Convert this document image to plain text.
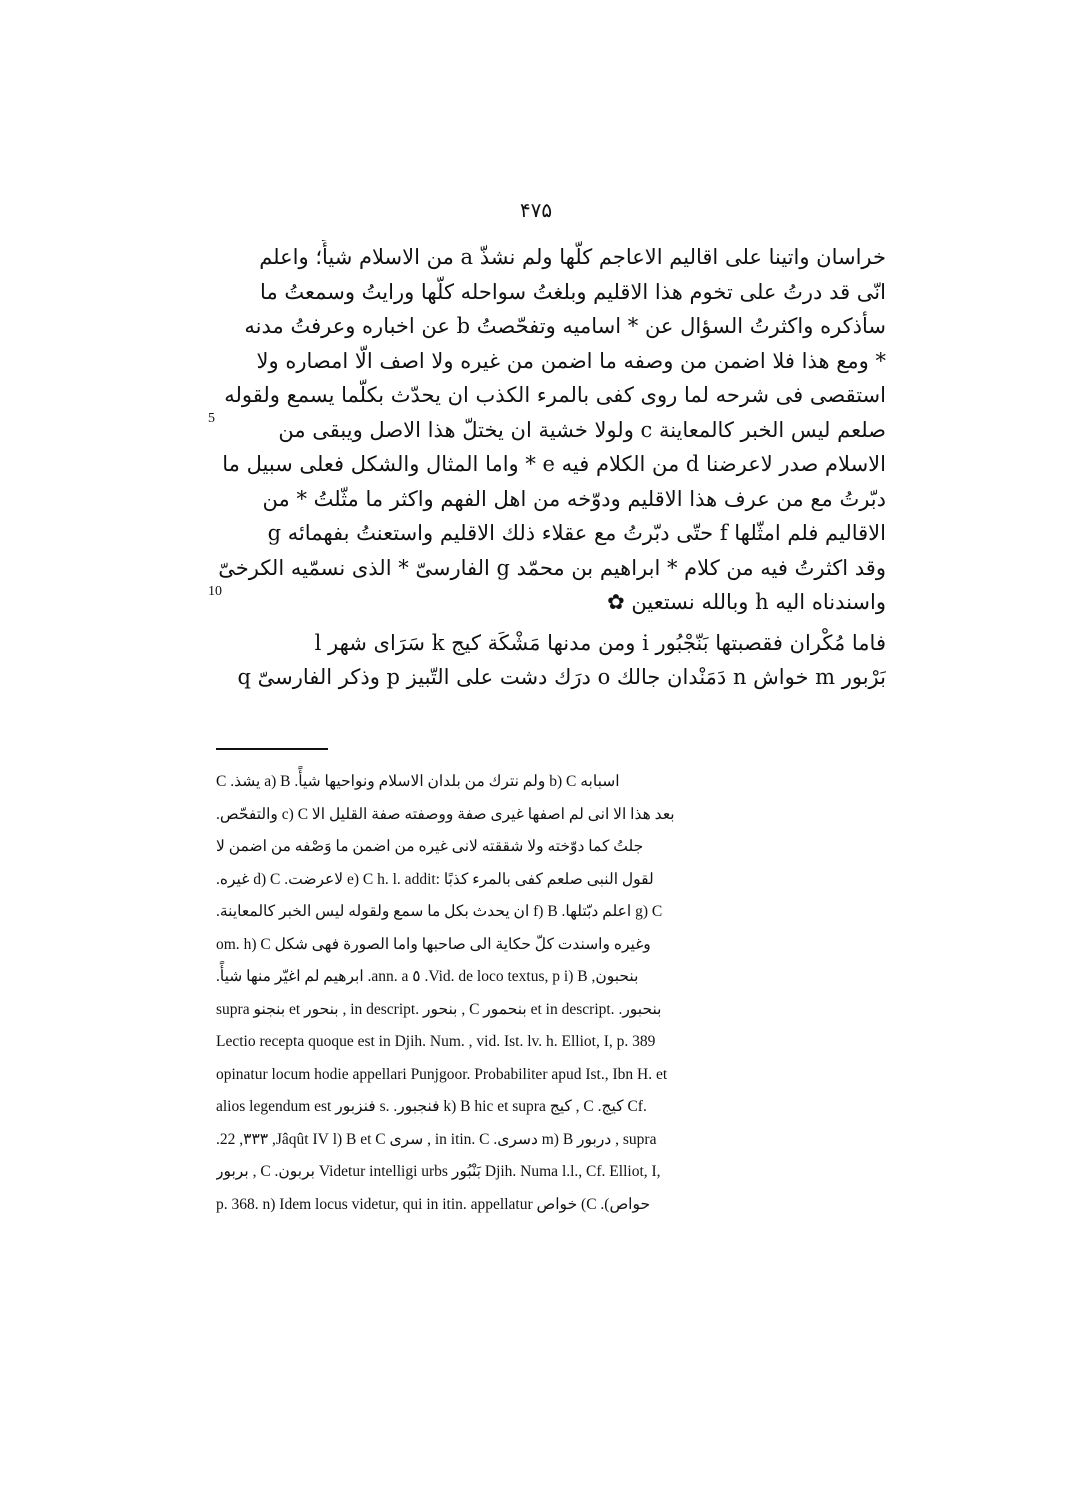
۴۷۵
خراسان واتينا على اقاليم الاعاجم كلّها ولم نشذّ a من الاسلام شيأً؛ واعلم
انّى قد درتُ على تخوم هذا الاقليم وبلغتُ سواحله كلّها ورايتُ وسمعتُ ما
سأذكره واكثرتُ السؤال عن * اساميه وتفحّصتُ b عن اخباره وعرفتُ مدنه
* ومع هذا فلا اضمن من وصفه ما اضمن من غيره ولا اصف الّا امصاره ولا
استقصى فى شرحه لما روى كفى بالمرء الكذب ان يحدّث بكلّما يسمع ولقوله
صلعم ليس الخبر كالمعاينة c ولولا خشية ان يختلّ هذا الاصل ويبقى من
الاسلام صدر لاعرضنا d من الكلام فيه e * واما المثال والشكل فعلى سبيل ما
دبّرتُ مع من عرف هذا الاقليم ودوّخه من اهل الفهم واكثر ما مثّلتُ * من
الاقاليم فلم امثّلها f حتّى دبّرتُ مع عقلاء ذلك الاقليم واستعنتُ بفهمائه g
وقد اكثرتُ فيه من كلام * ابراهيم بن محمّد g الفارسىّ * الذى نسمّيه الكرخىّ
واسندناه اليه h وبالله نستعين ✿
فاما مُكْران فقصبتها بَنّجْبُور i ومن مدنها مَشْكَة كيج k سَرَاى شهر l
بَرْبور m خواش n دَمَنْدان جالك o درَك دشت على التّبيز p وذكر الفارسىّ q
5
10
a) B يشذ. C ولم نترك من بلدان الاسلام ونواحيها شيأً. b) C اسبابه
والتفحّص. c) C بعد هذا الا انى لم اصفها غيرى صفة ووصفته صفة القليل الا
جلتُ كما دوّخته ولا شققته لانى غيره من اضمن ما وَصْفه من اضمن لا
غيره. d) C لاعرضت. e) C h. l. addit: لقول النبى صلعم كفى بالمرء كذبًا
ان يحدث بكل ما سمع ولقوله ليس الخبر كالمعاينة. f) B اعلم دبّتلها. g) C
om. h) C وغيره واسندت كلّ حكاية الى صاحبها واما الصورة فهى شكل
ابرهيم لم اغيّر منها شيأً. Vid. de loco textus, p. ٥ ann. a. i) B بنحبون,
supra بنجنو et بنحور , in descript. بنحور , C بنحمور et in descript. بنحبور.
Lectio recepta quoque est in Djih. Num. , vid. Ist. lv. h. Elliot, I, p. 389
opinatur locum hodie appellari Punjgoor. Probabiliter apud Ist., Ibn H. et
alios legendum est فنزبور s. فنجبور. k) B hic et supra كيج , C كيج. Cf.
Jâqût IV, ٣٣٣, 22. l) B et C سرى , in itin. C دسرى. m) B دربور , supra
بربور , C بربون. Videtur intelligi urbs بَنْبُور Djih. Numa l.l., Cf. Elliot, I,
p. 368. n) Idem locus videtur, qui in itin. appellatur خواص (C حواص).
